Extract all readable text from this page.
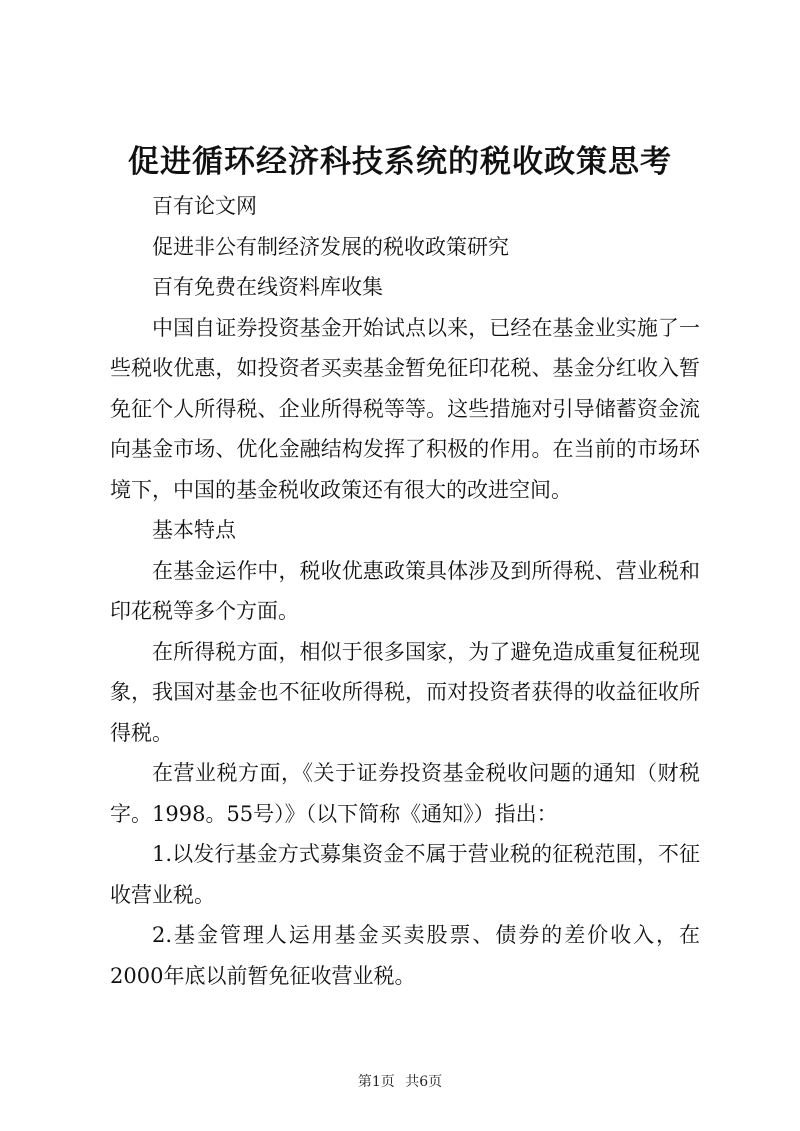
促进循环经济科技系统的税收政策思考

百有论文网

促进非公有制经济发展的税收政策研究

百有免费在线资料库收集

中国自证券投资基金开始试点以来，已经在基金业实施了一些税收优惠，如投资者买卖基金暂免征印花税、基金分红收入暂免征个人所得税、企业所得税等等。这些措施对引导储蓄资金流向基金市场、优化金融结构发挥了积极的作用。在当前的市场环境下，中国的基金税收政策还有很大的改进空间。

基本特点

在基金运作中，税收优惠政策具体涉及到所得税、营业税和印花税等多个方面。

在所得税方面，相似于很多国家，为了避免造成重复征税现象，我国对基金也不征收所得税，而对投资者获得的收益征收所得税。

在营业税方面，《关于证券投资基金税收问题的通知（财税字。1998。55号）》（以下简称《通知》）指出：

1.以发行基金方式募集资金不属于营业税的征税范围，不征收营业税。

2.基金管理人运用基金买卖股票、债券的差价收入，在2000年底以前暂免征收营业税。

第1页 共6页
